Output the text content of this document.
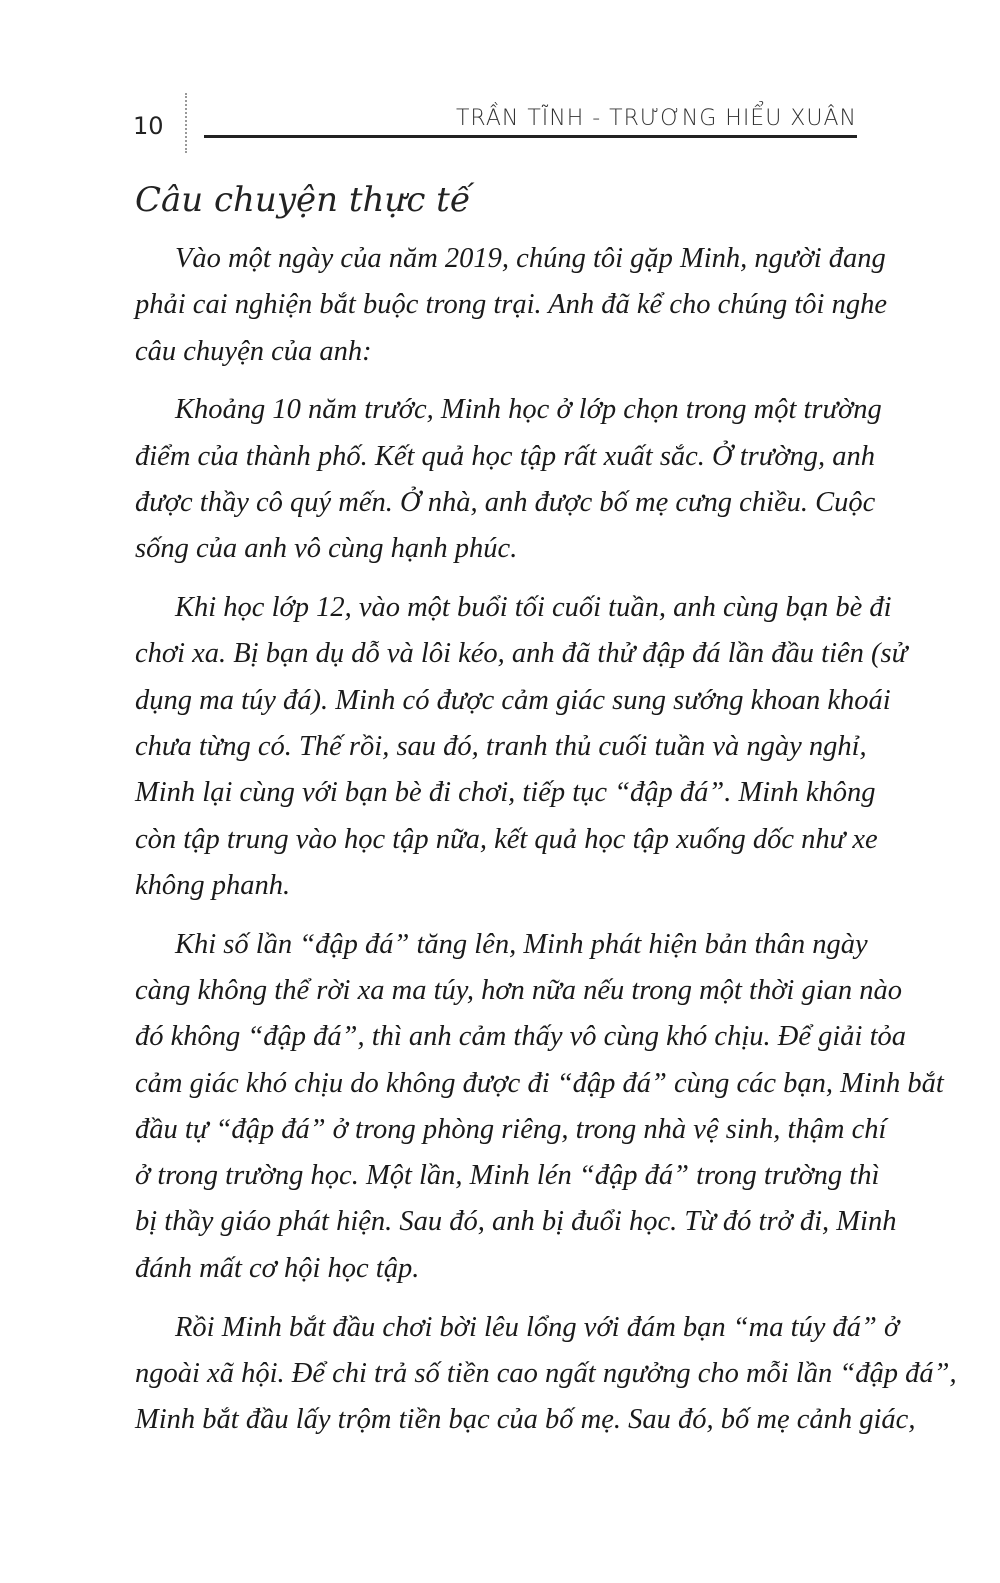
10	TRẦN TĨNH - TRƯƠNG HIỂU XUÂN
Câu chuyện thực tế
Vào một ngày của năm 2019, chúng tôi gặp Minh, người đang
phải cai nghiện bắt buộc trong trại. Anh đã kể cho chúng tôi nghe
câu chuyện của anh:
Khoảng 10 năm trước, Minh học ở lớp chọn trong một trường
điểm của thành phố. Kết quả học tập rất xuất sắc. Ở trường, anh
được thầy cô quý mến. Ở nhà, anh được bố mẹ cưng chiều. Cuộc
sống của anh vô cùng hạnh phúc.
Khi học lớp 12, vào một buổi tối cuối tuần, anh cùng bạn bè đi
chơi xa. Bị bạn dụ dỗ và lôi kéo, anh đã thử đập đá lần đầu tiên (sử
dụng ma túy đá). Minh có được cảm giác sung sướng khoan khoái
chưa từng có. Thế rồi, sau đó, tranh thủ cuối tuần và ngày nghỉ,
Minh lại cùng với bạn bè đi chơi, tiếp tục “đập đá”. Minh không
còn tập trung vào học tập nữa, kết quả học tập xuống dốc như xe
không phanh.
Khi số lần “đập đá” tăng lên, Minh phát hiện bản thân ngày
càng không thể rời xa ma túy, hơn nữa nếu trong một thời gian nào
đó không “đập đá”, thì anh cảm thấy vô cùng khó chịu. Để giải tỏa
cảm giác khó chịu do không được đi “đập đá” cùng các bạn, Minh bắt
đầu tự “đập đá” ở trong phòng riêng, trong nhà vệ sinh, thậm chí
ở trong trường học. Một lần, Minh lén “đập đá” trong trường thì
bị thầy giáo phát hiện. Sau đó, anh bị đuổi học. Từ đó trở đi, Minh
đánh mất cơ hội học tập.
Rồi Minh bắt đầu chơi bời lêu lổng với đám bạn “ma túy đá” ở
ngoài xã hội. Để chi trả số tiền cao ngất ngưởng cho mỗi lần “đập đá”,
Minh bắt đầu lấy trộm tiền bạc của bố mẹ. Sau đó, bố mẹ cảnh giác,
